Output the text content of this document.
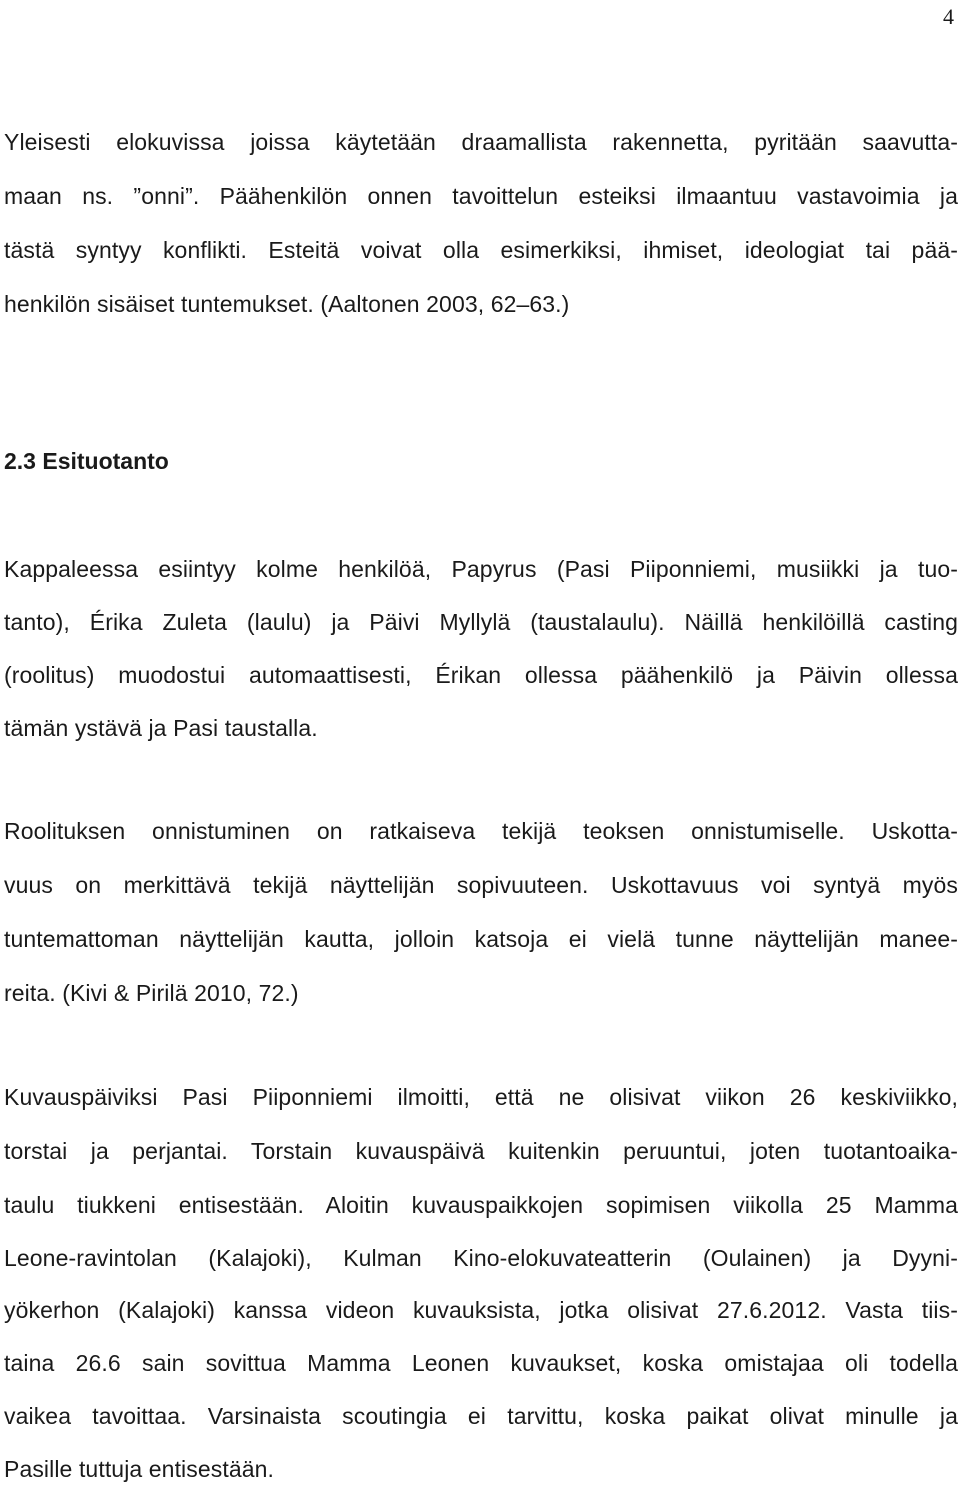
4
Yleisesti elokuvissa joissa käytetään draamallista rakennetta, pyritään saavutta-
maan ns. ”onni”. Päähenkilön onnen tavoittelun esteiksi ilmaantuu vastavoimia ja
tästä syntyy konflikti. Esteitä voivat olla esimerkiksi, ihmiset, ideologiat tai pää-
henkilön sisäiset tuntemukset. (Aaltonen 2003, 62–63.)
2.3 Esituotanto
Kappaleessa esiintyy kolme henkilöä, Papyrus (Pasi Piiponniemi, musiikki ja tuo-
tanto), Érika Zuleta (laulu) ja Päivi Myllylä (taustalaulu). Näillä henkilöillä casting
(roolitus) muodostui automaattisesti, Érikan ollessa päähenkilö ja Päivin ollessa
tämän ystävä ja Pasi taustalla.
Roolituksen onnistuminen on ratkaiseva tekijä teoksen onnistumiselle. Uskotta-
vuus on merkittävä tekijä näyttelijän sopivuuteen. Uskottavuus voi syntyä myös
tuntemattoman näyttelijän kautta, jolloin katsoja ei vielä tunne näyttelijän maneе-
reita. (Kivi & Pirilä 2010, 72.)
Kuvauspäiviksi Pasi Piiponniemi ilmoitti, että ne olisivat viikon 26 keskiviikko,
torstai ja perjantai. Torstain kuvauspäivä kuitenkin peruuntui, joten tuotantoaika-
taulu tiukkeni entisestään. Aloitin kuvauspaikkojen sopimisen viikolla 25 Mamma
Leone-ravintolan (Kalajoki), Kulman Kino-elokuvateatterin (Oulainen) ja Dyyni-
yökerhon (Kalajoki) kanssa videon kuvauksista, jotka olisivat 27.6.2012. Vasta tiis-
taina 26.6 sain sovittua Mamma Leonen kuvaukset, koska omistajaa oli todella
vaikea tavoittaa. Varsinaista scoutingia ei tarvittu, koska paikat olivat minulle ja
Pasille tuttuja entisestään.
